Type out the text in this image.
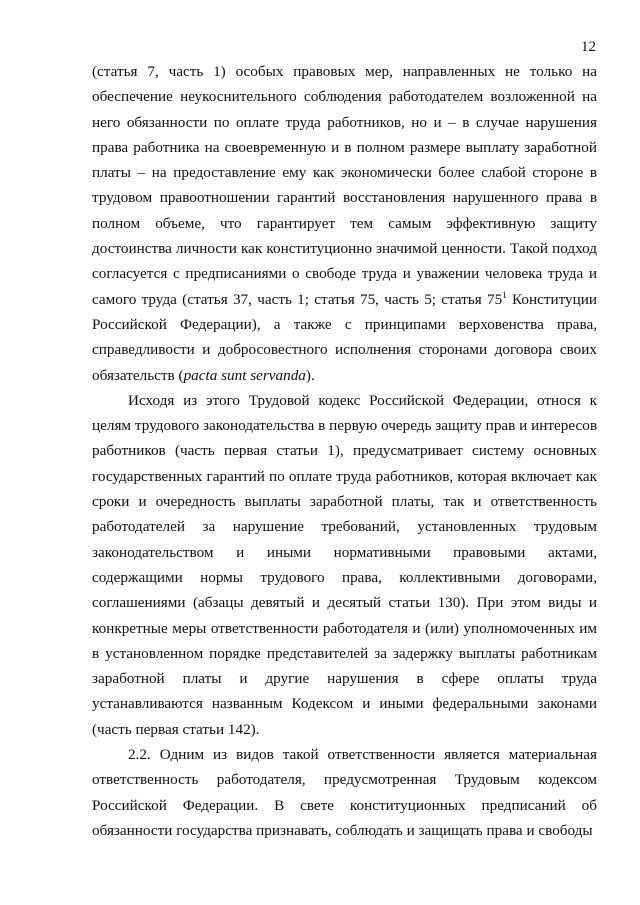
12

(статья 7, часть 1) особых правовых мер, направленных не только на обеспечение неукоснительного соблюдения работодателем возложенной на него обязанности по оплате труда работников, но и – в случае нарушения права работника на своевременную и в полном размере выплату заработной платы – на предоставление ему как экономически более слабой стороне в трудовом правоотношении гарантий восстановления нарушенного права в полном объеме, что гарантирует тем самым эффективную защиту достоинства личности как конституционно значимой ценности. Такой подход согласуется с предписаниями о свободе труда и уважении человека труда и самого труда (статья 37, часть 1; статья 75, часть 5; статья $75^1$ Конституции Российской Федерации), а также с принципами верховенства права, справедливости и добросовестного исполнения сторонами договора своих обязательств (pacta sunt servanda).

Исходя из этого Трудовой кодекс Российской Федерации, относя к целям трудового законодательства в первую очередь защиту прав и интересов работников (часть первая статьи 1), предусматривает систему основных государственных гарантий по оплате труда работников, которая включает как сроки и очередность выплаты заработной платы, так и ответственность работодателей за нарушение требований, установленных трудовым законодательством и иными нормативными правовыми актами, содержащими нормы трудового права, коллективными договорами, соглашениями (абзацы девятый и десятый статьи 130). При этом виды и конкретные меры ответственности работодателя и (или) уполномоченных им в установленном порядке представителей за задержку выплаты работникам заработной платы и другие нарушения в сфере оплаты труда устанавливаются названным Кодексом и иными федеральными законами (часть первая статьи 142).

2.2. Одним из видов такой ответственности является материальная ответственность работодателя, предусмотренная Трудовым кодексом Российской Федерации. В свете конституционных предписаний об обязанности государства признавать, соблюдать и защищать права и свободы
